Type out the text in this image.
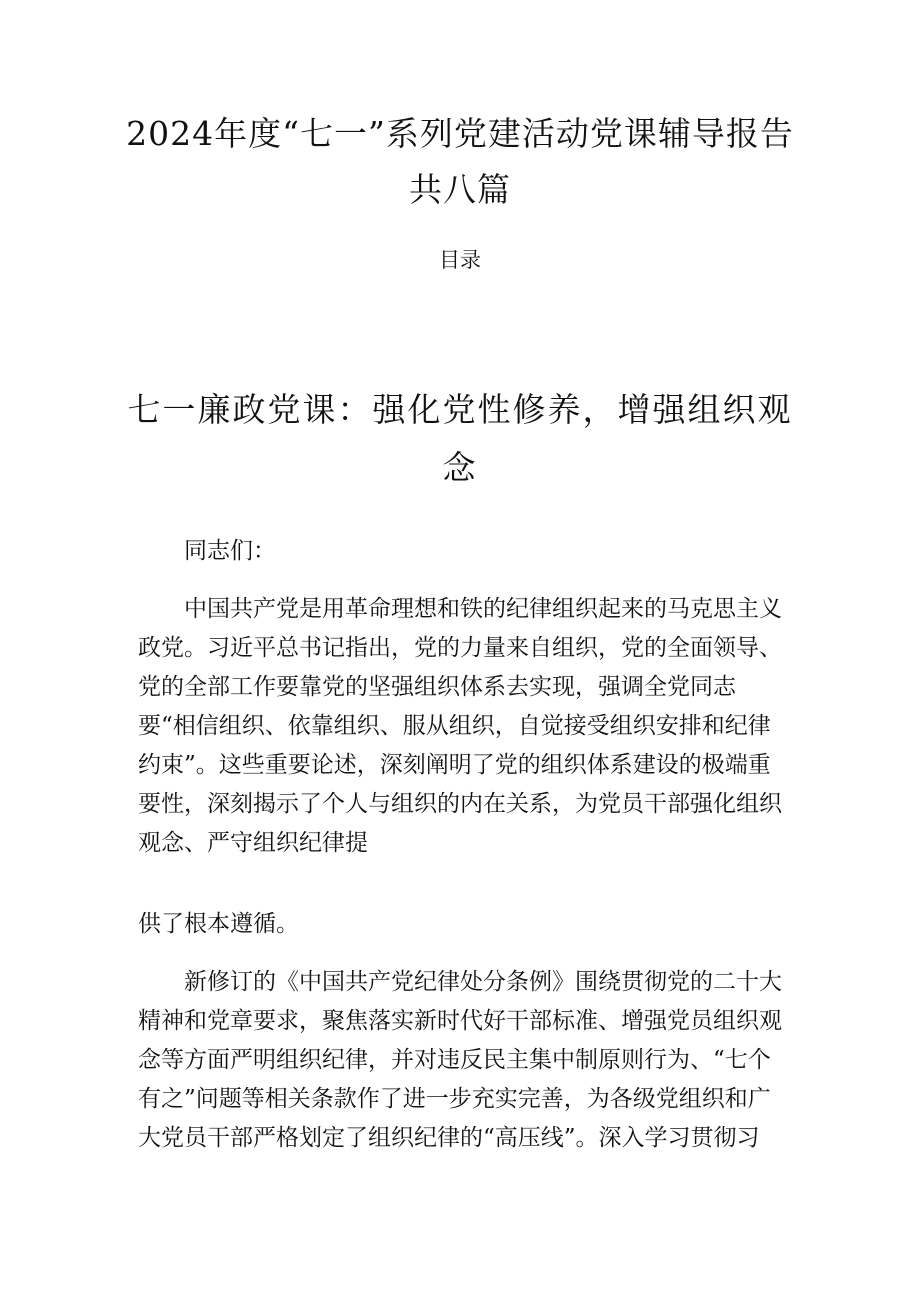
2024年度“七一”系列党建活动党课辅导报告共八篇
目录
七一廉政党课：强化党性修养，增强组织观念

同志们：

中国共产党是用革命理想和铁的纪律组织起来的马克思主义政党。习近平总书记指出，党的力量来自组织，党的全面领导、党的全部工作要靠党的坚强组织体系去实现，强调全党同志要“相信组织、依靠组织、服从组织，自觉接受组织安排和纪律约束”。这些重要论述，深刻阐明了党的组织体系建设的极端重要性，深刻揭示了个人与组织的内在关系，为党员干部强化组织观念、严守组织纪律提

供了根本遵循。

新修订的《中国共产党纪律处分条例》围绕贯彻党的二十大精神和党章要求，聚焦落实新时代好干部标准、增强党员组织观念等方面严明组织纪律，并对违反民主集中制原则行为、“七个有之”问题等相关条款作了进一步充实完善，为各级党组织和广大党员干部严格划定了组织纪律的“高压线”。深入学习贯彻习
